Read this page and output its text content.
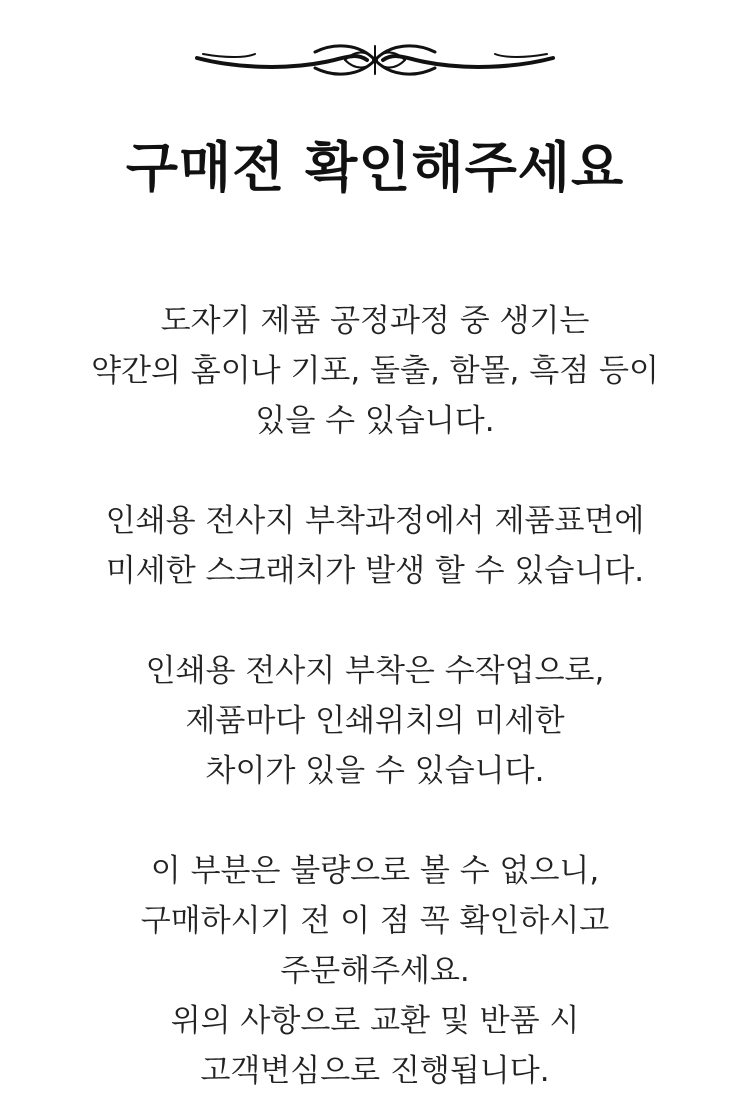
구매전 확인해주세요
도자기 제품 공정과정 중 생기는
약간의 홈이나 기포, 돌출, 함몰, 흑점 등이
있을 수 있습니다.
인쇄용 전사지 부착과정에서 제품표면에
미세한 스크래치가 발생 할 수 있습니다.
인쇄용 전사지 부착은 수작업으로,
제품마다 인쇄위치의 미세한
차이가 있을 수 있습니다.
이 부분은 불량으로 볼 수 없으니,
구매하시기 전 이 점 꼭 확인하시고
주문해주세요.
위의 사항으로 교환 및 반품 시
고객변심으로 진행됩니다.
